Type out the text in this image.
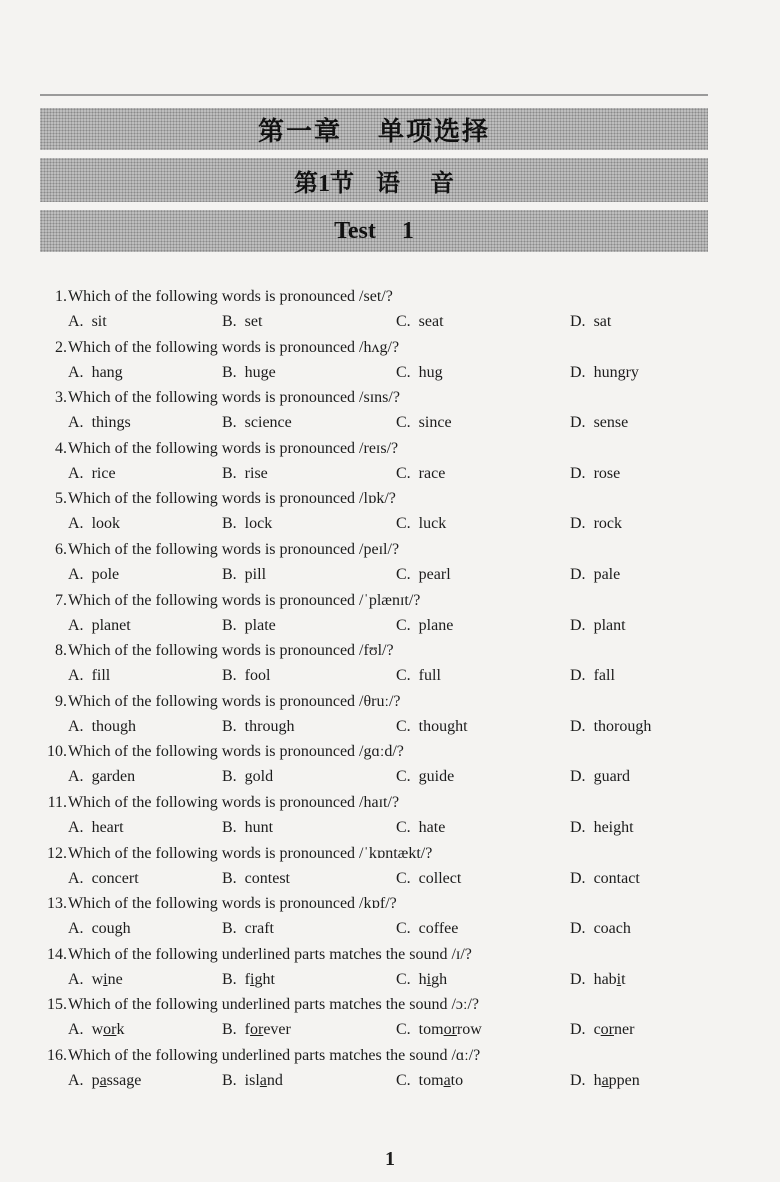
第一章 单项选择
第1节 语 音
Test 1
1.Which of the following words is pronounced /set/?
A. sit	B. set	C. seat	D. sat
2.Which of the following words is pronounced /hʌg/?
A. hang	B. huge	C. hug	D. hungry
3.Which of the following words is pronounced /sɪns/?
A. things	B. science	C. since	D. sense
4.Which of the following words is pronounced /reɪs/?
A. rice	B. rise	C. race	D. rose
5.Which of the following words is pronounced /lɒk/?
A. look	B. lock	C. luck	D. rock
6.Which of the following words is pronounced /peɪl/?
A. pole	B. pill	C. pearl	D. pale
7.Which of the following words is pronounced /ˈplænɪt/?
A. planet	B. plate	C. plane	D. plant
8.Which of the following words is pronounced /fʊl/?
A. fill	B. fool	C. full	D. fall
9.Which of the following words is pronounced /θruː/?
A. though	B. through	C. thought	D. thorough
10.Which of the following words is pronounced /gɑːd/?
A. garden	B. gold	C. guide	D. guard
11.Which of the following words is pronounced /haɪt/?
A. heart	B. hunt	C. hate	D. height
12.Which of the following words is pronounced /ˈkɒntækt/?
A. concert	B. contest	C. collect	D. contact
13.Which of the following words is pronounced /kɒf/?
A. cough	B. craft	C. coffee	D. coach
14.Which of the following underlined parts matches the sound /ɪ/?
A. wine	B. fight	C. high	D. habit
15.Which of the following underlined parts matches the sound /ɔː/?
A. work	B. forever	C. tomorrow	D. corner
16.Which of the following underlined parts matches the sound /ɑː/?
A. passage	B. island	C. tomato	D. happen
1
